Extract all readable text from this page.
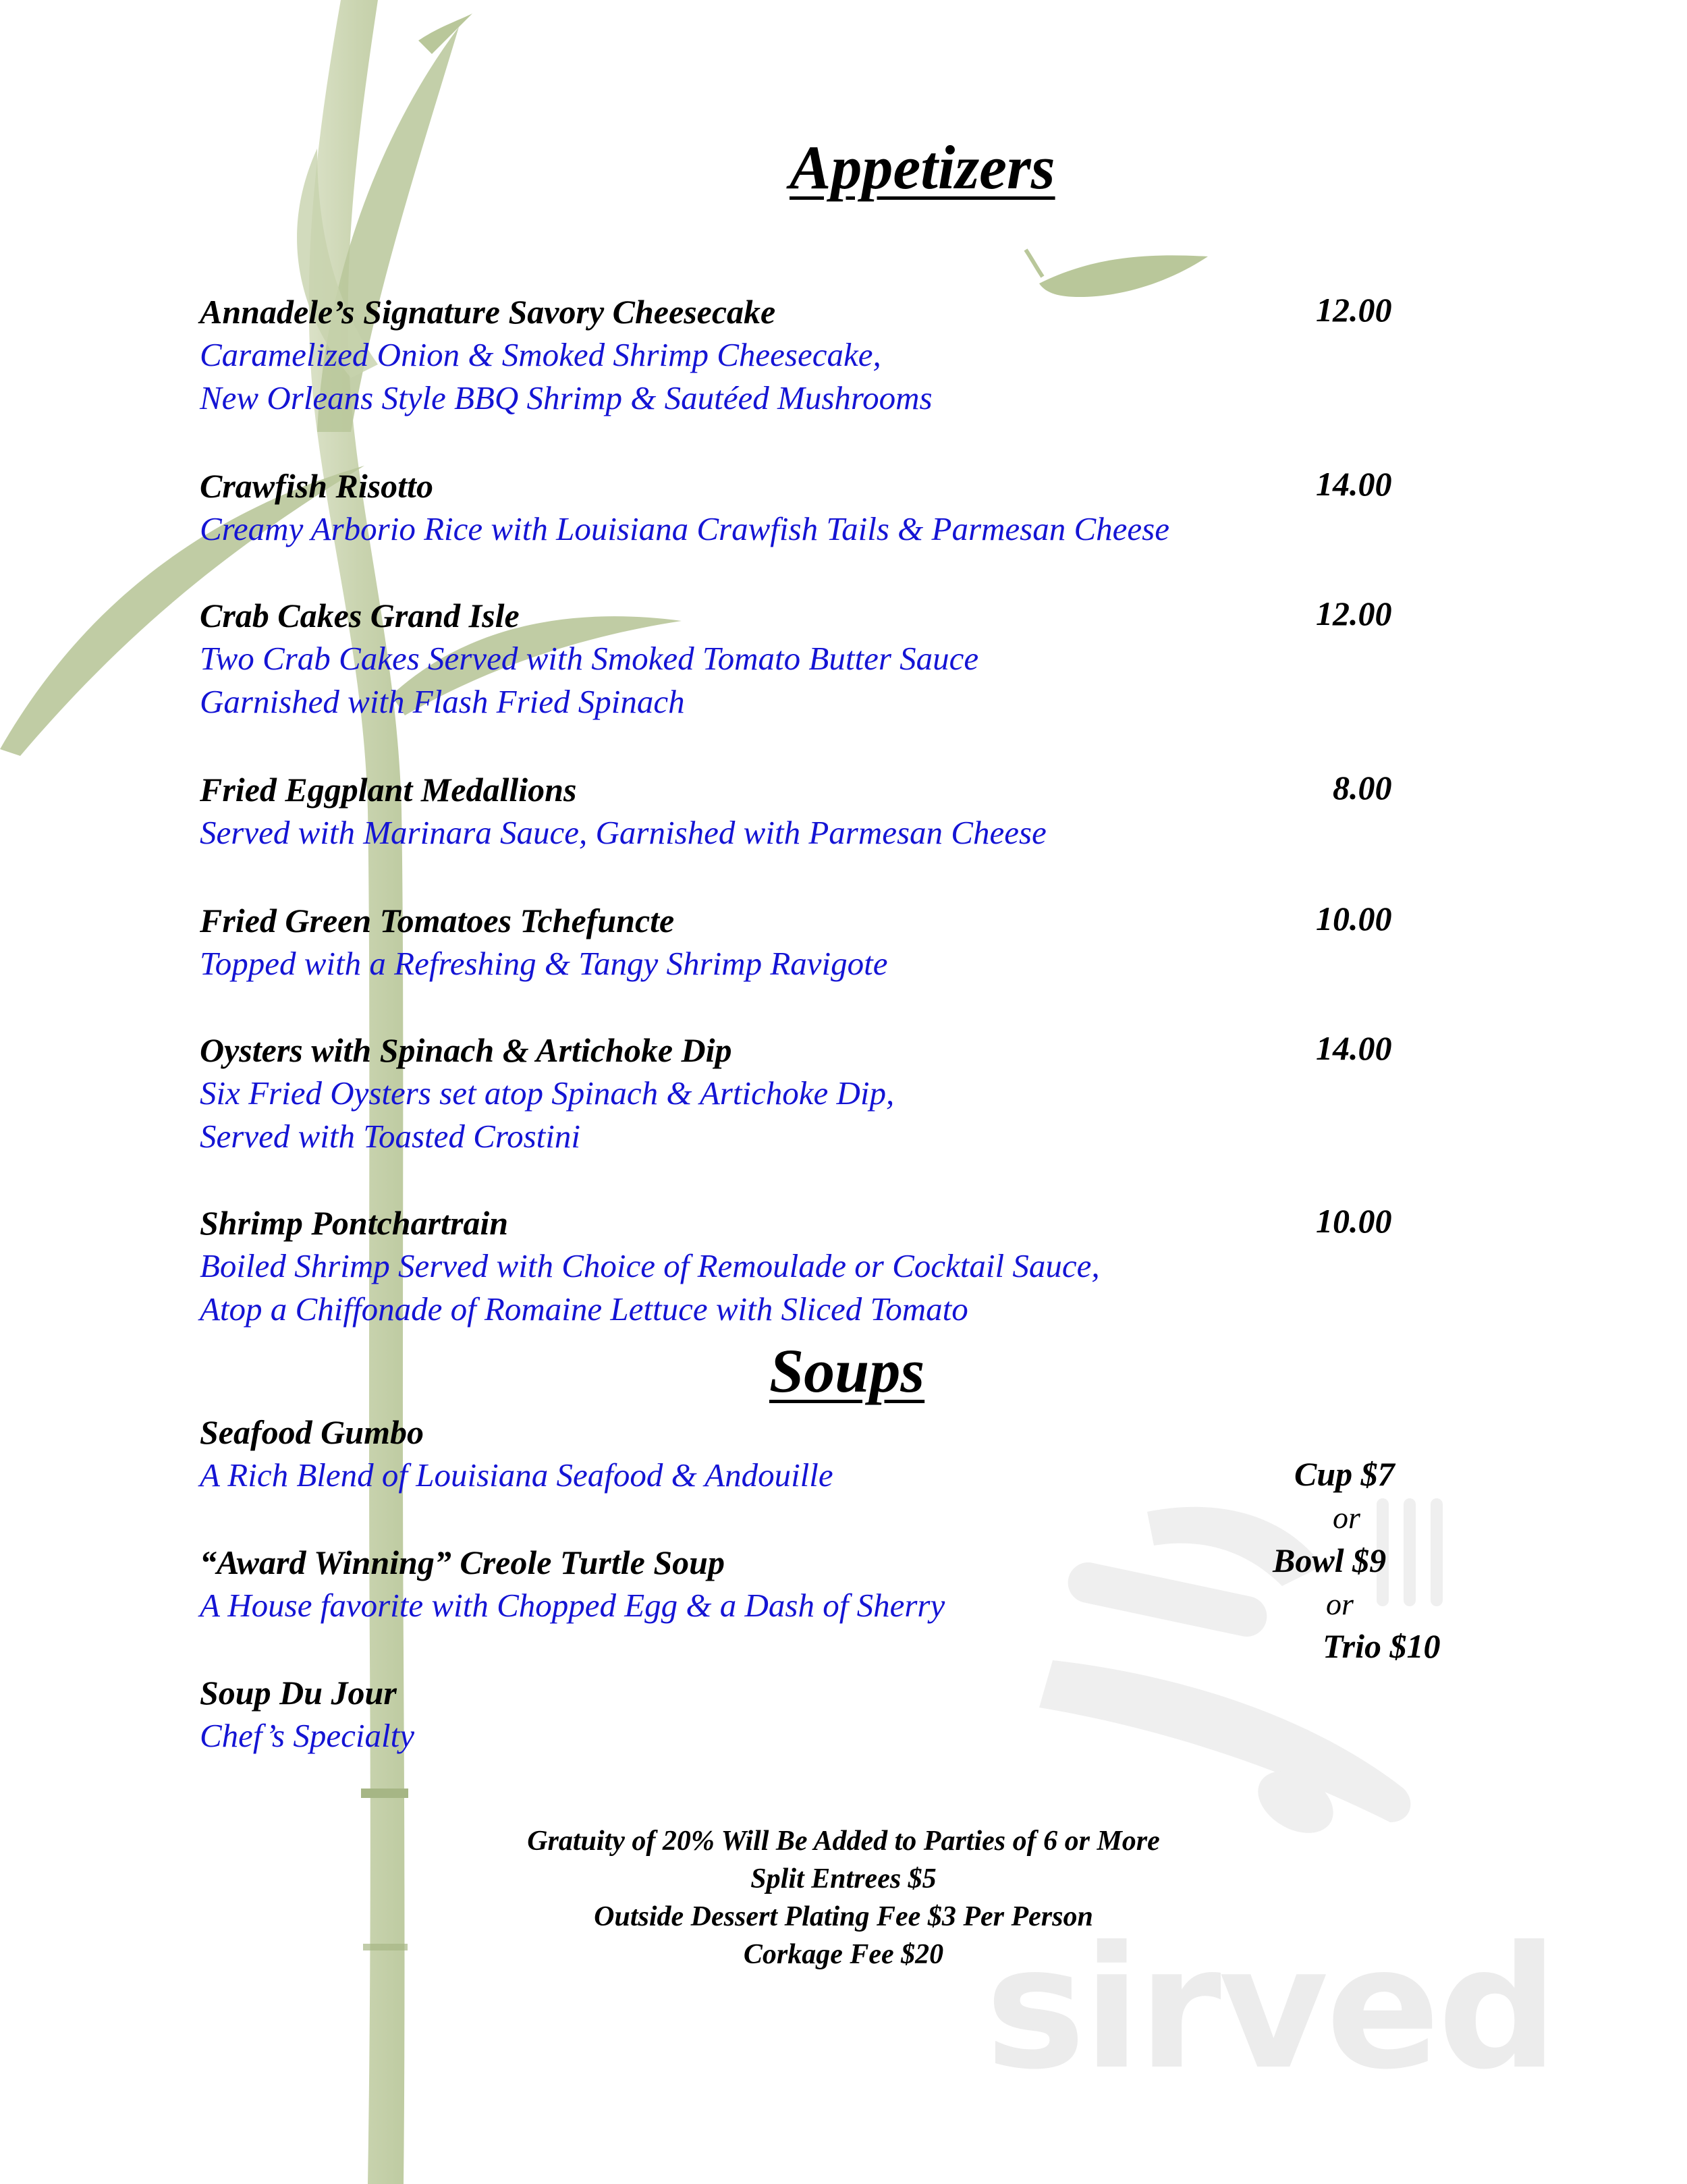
sirved
Appetizers
Annadele’s Signature Savory Cheesecake
Caramelized Onion & Smoked Shrimp Cheesecake,
New Orleans Style BBQ Shrimp & Sautéed Mushrooms
12.00
Crawfish Risotto
Creamy Arborio Rice with Louisiana Crawfish Tails & Parmesan Cheese
14.00
Crab Cakes Grand Isle
Two Crab Cakes Served with Smoked Tomato Butter Sauce
Garnished with Flash Fried Spinach
12.00
Fried Eggplant Medallions
Served with Marinara Sauce, Garnished with Parmesan Cheese
8.00
Fried Green Tomatoes Tchefuncte
Topped with a Refreshing & Tangy Shrimp Ravigote
10.00
Oysters with Spinach & Artichoke Dip
Six Fried Oysters set atop Spinach & Artichoke Dip,
Served with Toasted Crostini
14.00
Shrimp Pontchartrain
Boiled Shrimp Served with Choice of Remoulade or Cocktail Sauce,
Atop a Chiffonade of Romaine Lettuce with Sliced Tomato
10.00
Soups
Seafood Gumbo
A Rich Blend of Louisiana Seafood & Andouille
“Award Winning” Creole Turtle Soup
A House favorite with Chopped Egg & a Dash of Sherry
Soup Du Jour
Chef’s Specialty
Cup $7
or
Bowl $9
or
Trio $10
Gratuity of 20% Will Be Added to Parties of 6 or More
Split Entrees $5
Outside Dessert Plating Fee $3 Per Person
Corkage Fee $20
